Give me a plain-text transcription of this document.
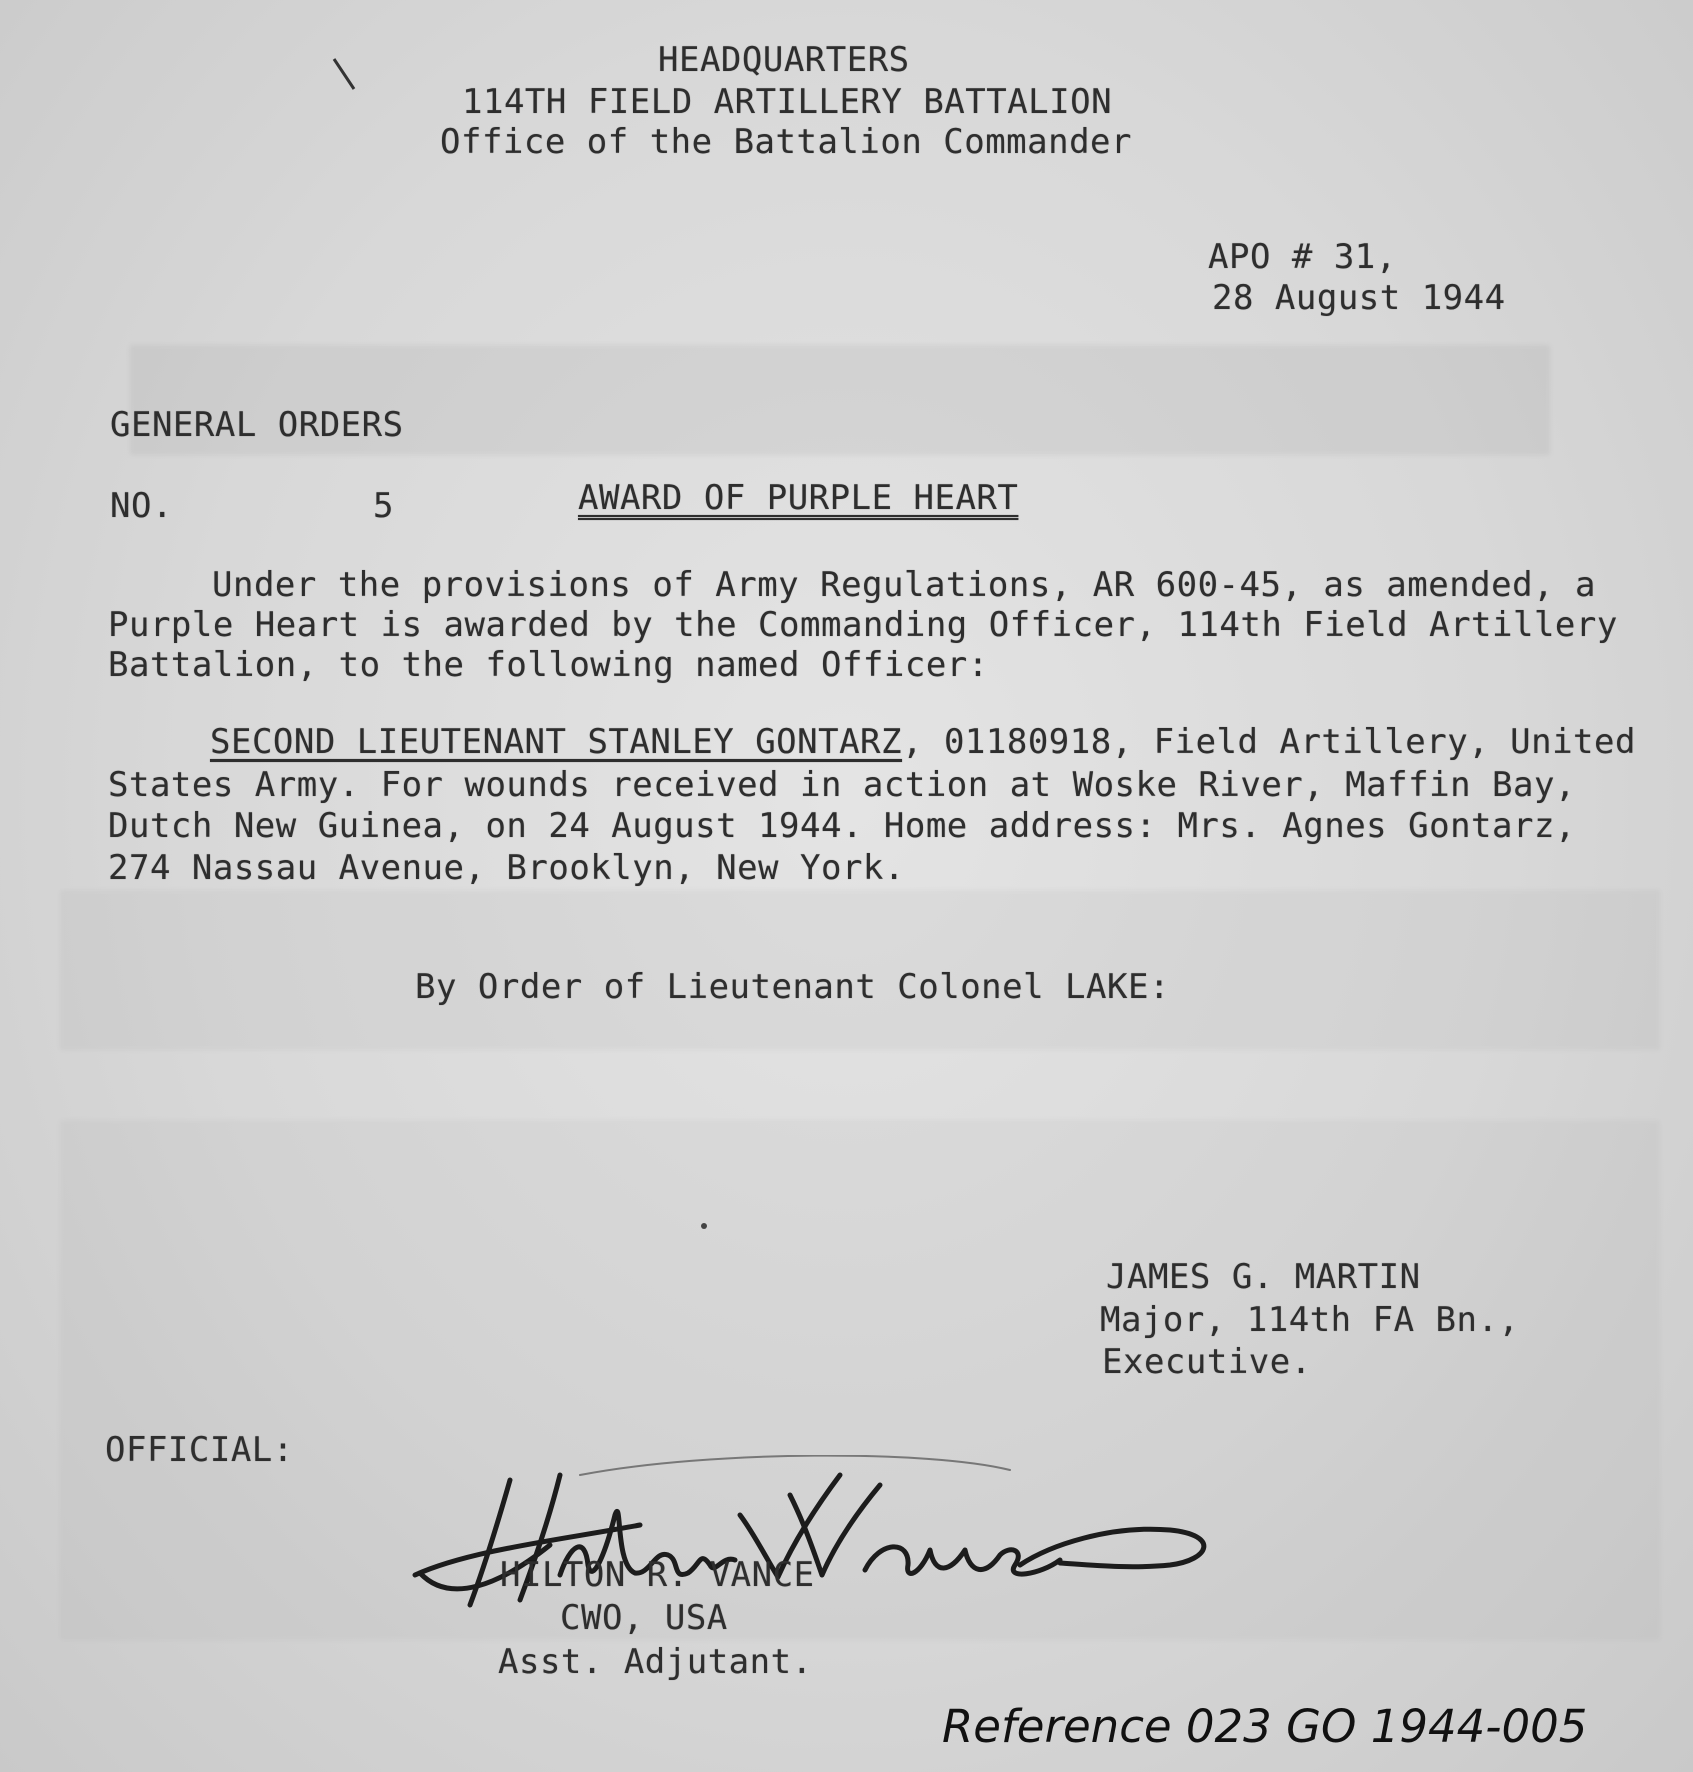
HEADQUARTERS
114TH FIELD ARTILLERY BATTALION
Office of the Battalion Commander
APO # 31,
28 August 1944
GENERAL ORDERS
NO.	5	AWARD OF PURPLE HEART
Under the provisions of Army Regulations, AR 600-45, as amended, a
Purple Heart is awarded by the Commanding Officer, 114th Field Artillery
Battalion, to the following named Officer:
SECOND LIEUTENANT STANLEY GONTARZ, 01180918, Field Artillery, United
States Army. For wounds received in action at Woske River, Maffin Bay,
Dutch New Guinea, on 24 August 1944. Home address: Mrs. Agnes Gontarz,
274 Nassau Avenue, Brooklyn, New York.
By Order of Lieutenant Colonel LAKE:
JAMES G. MARTIN
Major, 114th FA Bn.,
Executive.
OFFICIAL:
HILTON R. VANCE
CWO, USA
Asst. Adjutant.
Reference 023 GO 1944-005
